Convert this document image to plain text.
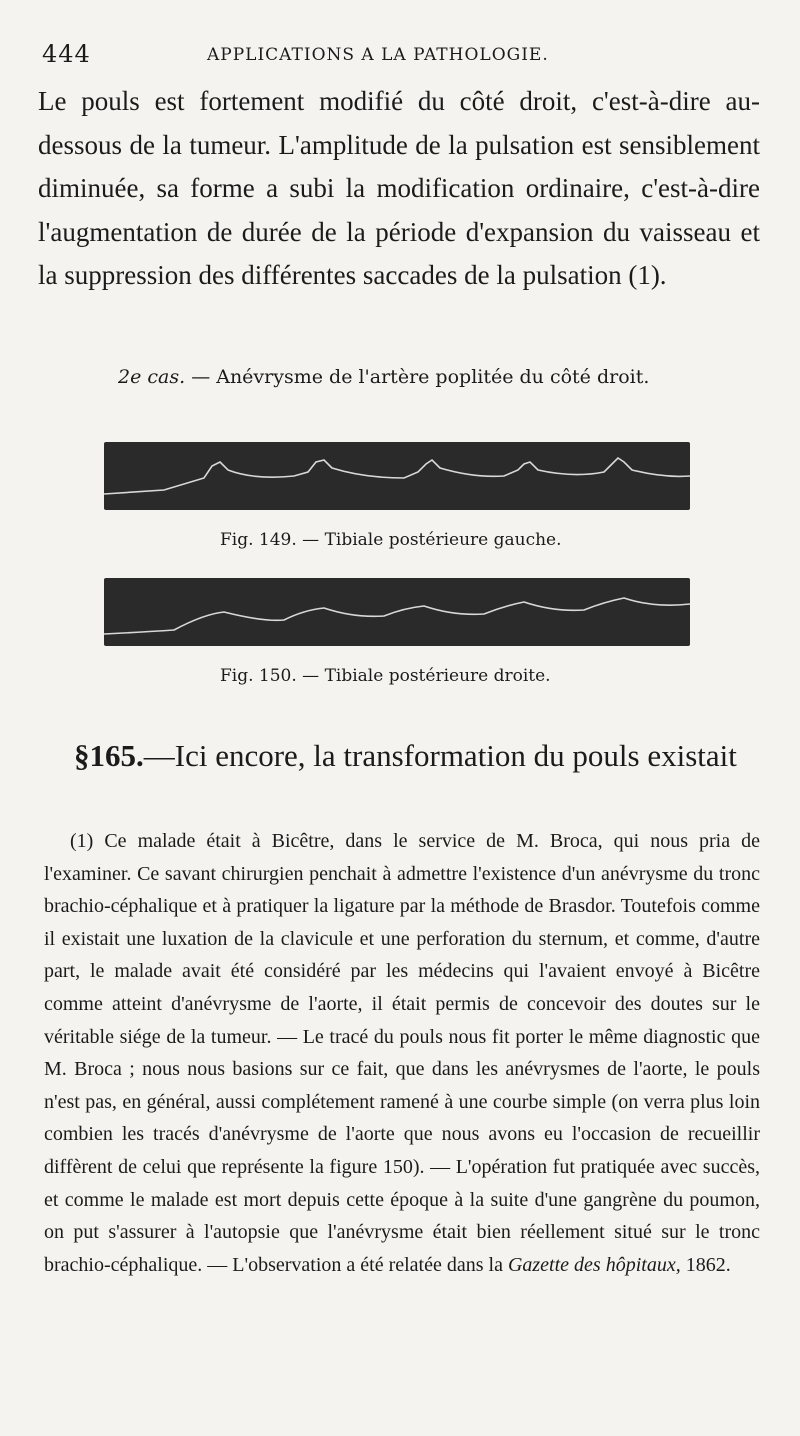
444	APPLICATIONS A LA PATHOLOGIE.

Le pouls est fortement modifié du côté droit, c'est-à-dire au-dessous de la tumeur. L'amplitude de la pulsation est sensiblement diminuée, sa forme a subi la modification ordinaire, c'est-à-dire l'augmentation de durée de la période d'expansion du vaisseau et la suppression des différentes saccades de la pulsation (1).

2e cas. — Anévrysme de l'artère poplitée du côté droit.
Fig. 149. — Tibiale postérieure gauche.
Fig. 150. — Tibiale postérieure droite.
§165.—Ici encore, la transformation du pouls existait

(1) Ce malade était à Bicêtre, dans le service de M. Broca, qui nous pria de l'examiner. Ce savant chirurgien penchait à admettre l'existence d'un anévrysme du tronc brachio-céphalique et à pratiquer la ligature par la méthode de Brasdor. Toutefois comme il existait une luxation de la clavicule et une perforation du sternum, et comme, d'autre part, le malade avait été considéré par les médecins qui l'avaient envoyé à Bicêtre comme atteint d'anévrysme de l'aorte, il était permis de concevoir des doutes sur le véritable siége de la tumeur. — Le tracé du pouls nous fit porter le même diagnostic que M. Broca ; nous nous basions sur ce fait, que dans les anévrysmes de l'aorte, le pouls n'est pas, en général, aussi complétement ramené à une courbe simple (on verra plus loin combien les tracés d'anévrysme de l'aorte que nous avons eu l'occasion de recueillir diffèrent de celui que représente la figure 150). — L'opération fut pratiquée avec succès, et comme le malade est mort depuis cette époque à la suite d'une gangrène du poumon, on put s'assurer à l'autopsie que l'anévrysme était bien réellement situé sur le tronc brachio-céphalique. — L'observation a été relatée dans la Gazette des hôpitaux, 1862.
